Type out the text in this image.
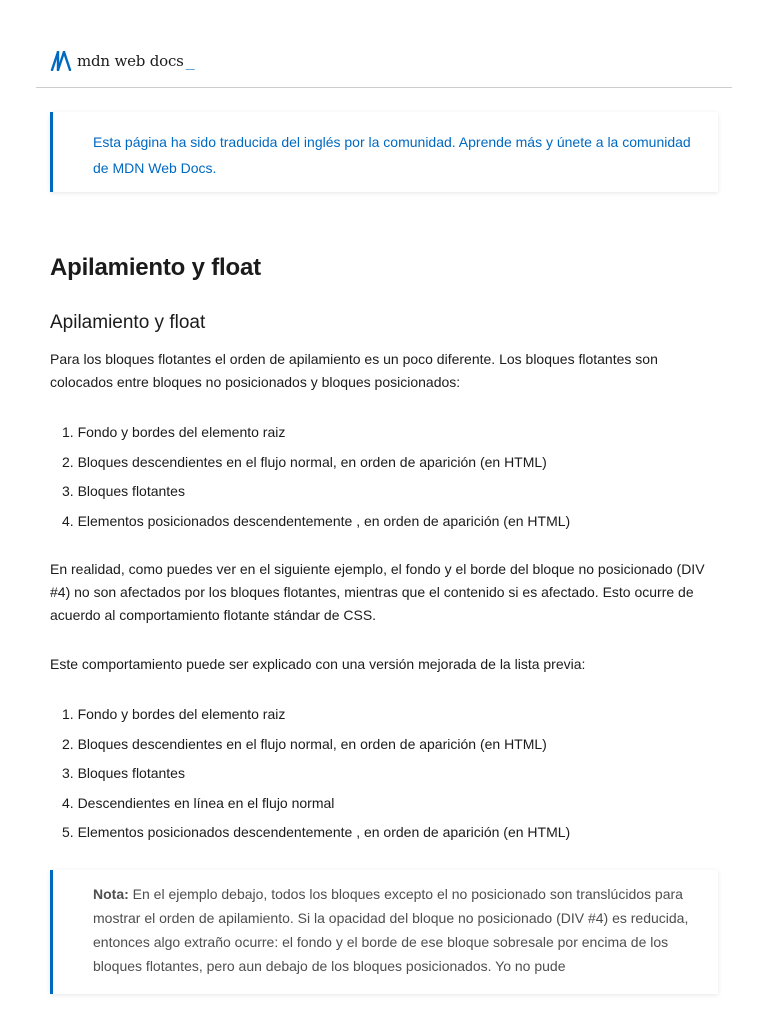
mdn web docs _

Esta página ha sido traducida del inglés por la comunidad. Aprende más y únete a la comunidad de MDN Web Docs.

Apilamiento y float
Apilamiento y float

Para los bloques flotantes el orden de apilamiento es un poco diferente. Los bloques flotantes son colocados entre bloques no posicionados y bloques posicionados:

1. Fondo y bordes del elemento raiz
2. Bloques descendientes en el flujo normal, en orden de aparición (en HTML)
3. Bloques flotantes
4. Elementos posicionados descendentemente , en orden de aparición (en HTML)

En realidad, como puedes ver en el siguiente ejemplo, el fondo y el borde del bloque no posicionado (DIV #4) no son afectados por los bloques flotantes, mientras que el contenido si es afectado. Esto ocurre de acuerdo al comportamiento flotante stándar de CSS.

Este comportamiento puede ser explicado con una versión mejorada de la lista previa:

1. Fondo y bordes del elemento raiz
2. Bloques descendientes en el flujo normal, en orden de aparición (en HTML)
3. Bloques flotantes
4. Descendientes en línea en el flujo normal
5. Elementos posicionados descendentemente , en orden de aparición (en HTML)

Nota: En el ejemplo debajo, todos los bloques excepto el no posicionado son translúcidos para mostrar el orden de apilamiento. Si la opacidad del bloque no posicionado (DIV #4) es reducida, entonces algo extraño ocurre: el fondo y el borde de ese bloque sobresale por encima de los bloques flotantes, pero aun debajo de los bloques posicionados. Yo no pude
